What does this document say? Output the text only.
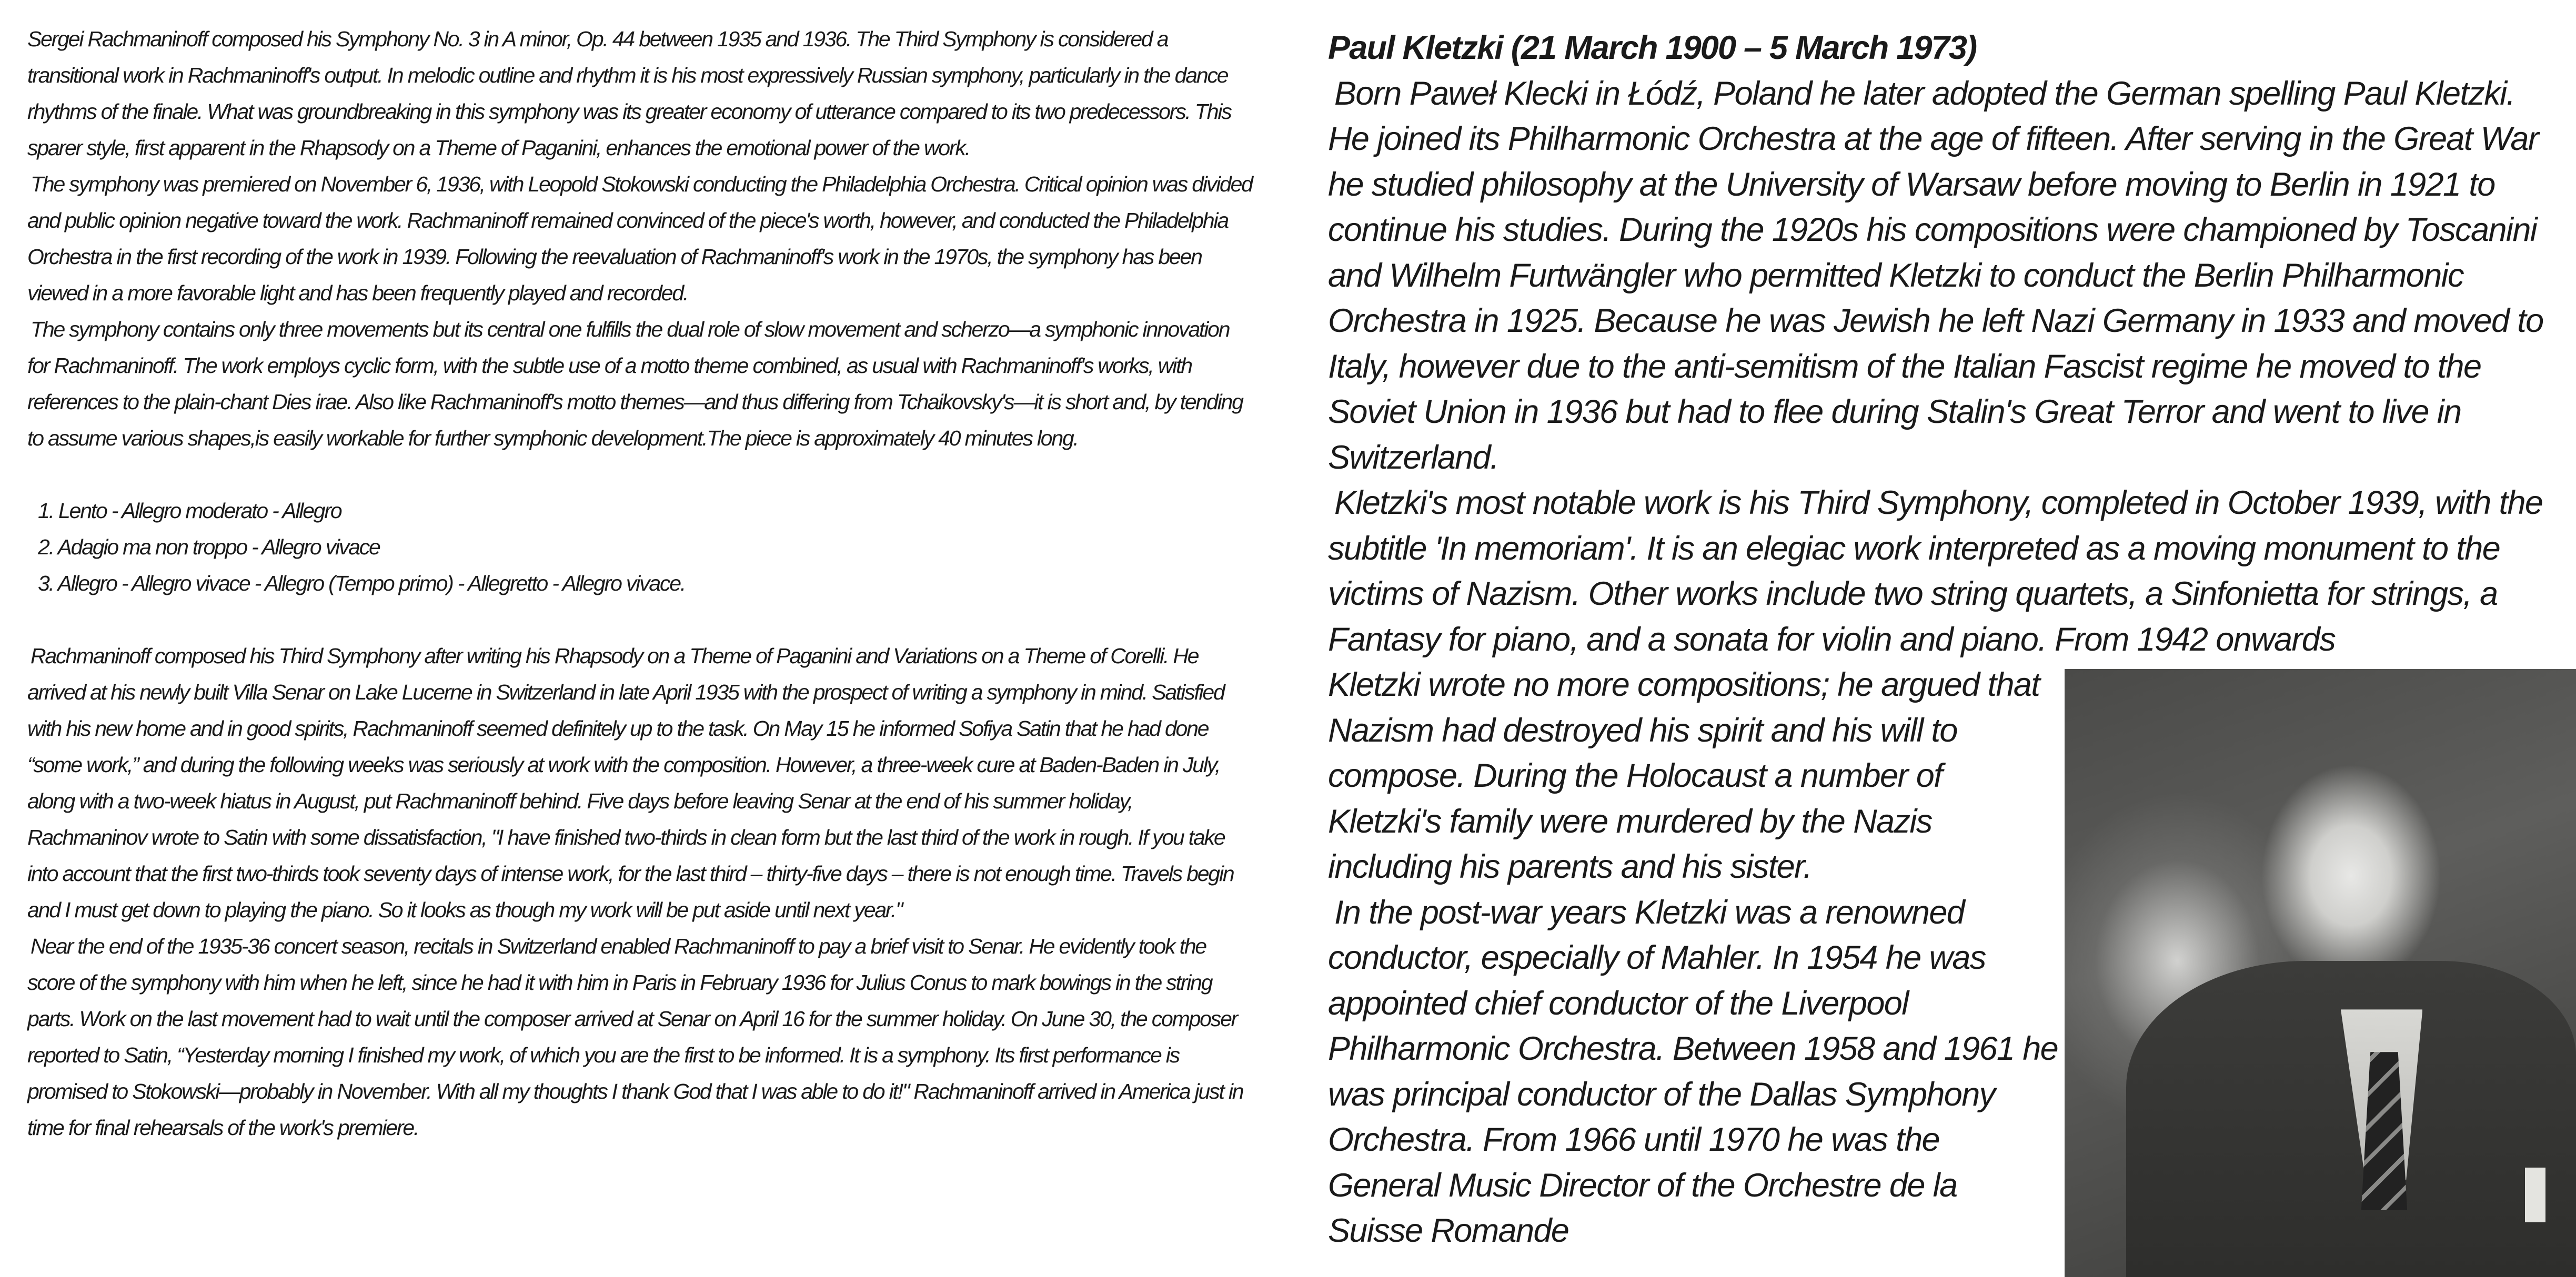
Sergei Rachmaninoff composed his Symphony No. 3 in A minor, Op. 44 between 1935 and 1936. The Third Symphony is considered a transitional work in Rachmaninoff's output. In melodic outline and rhythm it is his most expressively Russian symphony, particularly in the dance rhythms of the finale. What was groundbreaking in this symphony was its greater economy of utterance compared to its two predecessors. This sparer style, first apparent in the Rhapsody on a Theme of Paganini, enhances the emotional power of the work.

The symphony was premiered on November 6, 1936, with Leopold Stokowski conducting the Philadelphia Orchestra. Critical opinion was divided and public opinion negative toward the work. Rachmaninoff remained convinced of the piece's worth, however, and conducted the Philadelphia Orchestra in the first recording of the work in 1939. Following the reevaluation of Rachmaninoff's work in the 1970s, the symphony has been viewed in a more favorable light and has been frequently played and recorded.

The symphony contains only three movements but its central one fulfills the dual role of slow movement and scherzo—a symphonic innovation for Rachmaninoff. The work employs cyclic form, with the subtle use of a motto theme combined, as usual with Rachmaninoff's works, with references to the plain-chant Dies irae. Also like Rachmaninoff's motto themes—and thus differing from Tchaikovsky's—it is short and, by tending to assume various shapes,is easily workable for further symphonic development.The piece is approximately 40 minutes long.

1. Lento - Allegro moderato - Allegro
2. Adagio ma non troppo - Allegro vivace
3. Allegro - Allegro vivace - Allegro (Tempo primo) - Allegretto - Allegro vivace.

Rachmaninoff composed his Third Symphony after writing his Rhapsody on a Theme of Paganini and Variations on a Theme of Corelli. He arrived at his newly built Villa Senar on Lake Lucerne in Switzerland in late April 1935 with the prospect of writing a symphony in mind. Satisfied with his new home and in good spirits, Rachmaninoff seemed definitely up to the task. On May 15 he informed Sofiya Satin that he had done “some work,” and during the following weeks was seriously at work with the composition. However, a three-week cure at Baden-Baden in July, along with a two-week hiatus in August, put Rachmaninoff behind. Five days before leaving Senar at the end of his summer holiday, Rachmaninov wrote to Satin with some dissatisfaction, "I have finished two-thirds in clean form but the last third of the work in rough. If you take into account that the first two-thirds took seventy days of intense work, for the last third – thirty-five days – there is not enough time. Travels begin and I must get down to playing the piano. So it looks as though my work will be put aside until next year."

Near the end of the 1935-36 concert season, recitals in Switzerland enabled Rachmaninoff to pay a brief visit to Senar. He evidently took the score of the symphony with him when he left, since he had it with him in Paris in February 1936 for Julius Conus to mark bowings in the string parts. Work on the last movement had to wait until the composer arrived at Senar on April 16 for the summer holiday. On June 30, the composer reported to Satin, “Yesterday morning I finished my work, of which you are the first to be informed. It is a symphony. Its first performance is promised to Stokowski—probably in November. With all my thoughts I thank God that I was able to do it!" Rachmaninoff arrived in America just in time for final rehearsals of the work's premiere.

Paul Kletzki (21 March 1900 – 5 March 1973)

Born Paweł Klecki in Łódź, Poland he later adopted the German spelling Paul Kletzki. He joined its Philharmonic Orchestra at the age of fifteen. After serving in the Great War he studied philosophy at the University of Warsaw before moving to Berlin in 1921 to continue his studies. During the 1920s his compositions were championed by Toscanini and Wilhelm Furtwängler who permitted Kletzki to conduct the Berlin Philharmonic Orchestra in 1925. Because he was Jewish he left Nazi Germany in 1933 and moved to Italy, however due to the anti-semitism of the Italian Fascist regime he moved to the Soviet Union in 1936 but had to flee during Stalin's Great Terror and went to live in Switzerland.

Kletzki's most notable work is his Third Symphony, completed in October 1939, with the subtitle 'In memoriam'. It is an elegiac work interpreted as a moving monument to the victims of Nazism. Other works include two string quartets, a Sinfonietta for strings, a Fantasy for piano, and a sonata for violin and piano. From 1942 onwards

Kletzki wrote no more compositions; he argued that Nazism had destroyed his spirit and his will to compose. During the Holocaust a number of Kletzki's family were murdered by the Nazis including his parents and his sister.

In the post-war years Kletzki was a renowned conductor, especially of Mahler. In 1954 he was appointed chief conductor of the Liverpool Philharmonic Orchestra. Between 1958 and 1961 he was principal conductor of the Dallas Symphony Orchestra. From 1966 until 1970 he was the General Music Director of the Orchestre de la Suisse Romande
